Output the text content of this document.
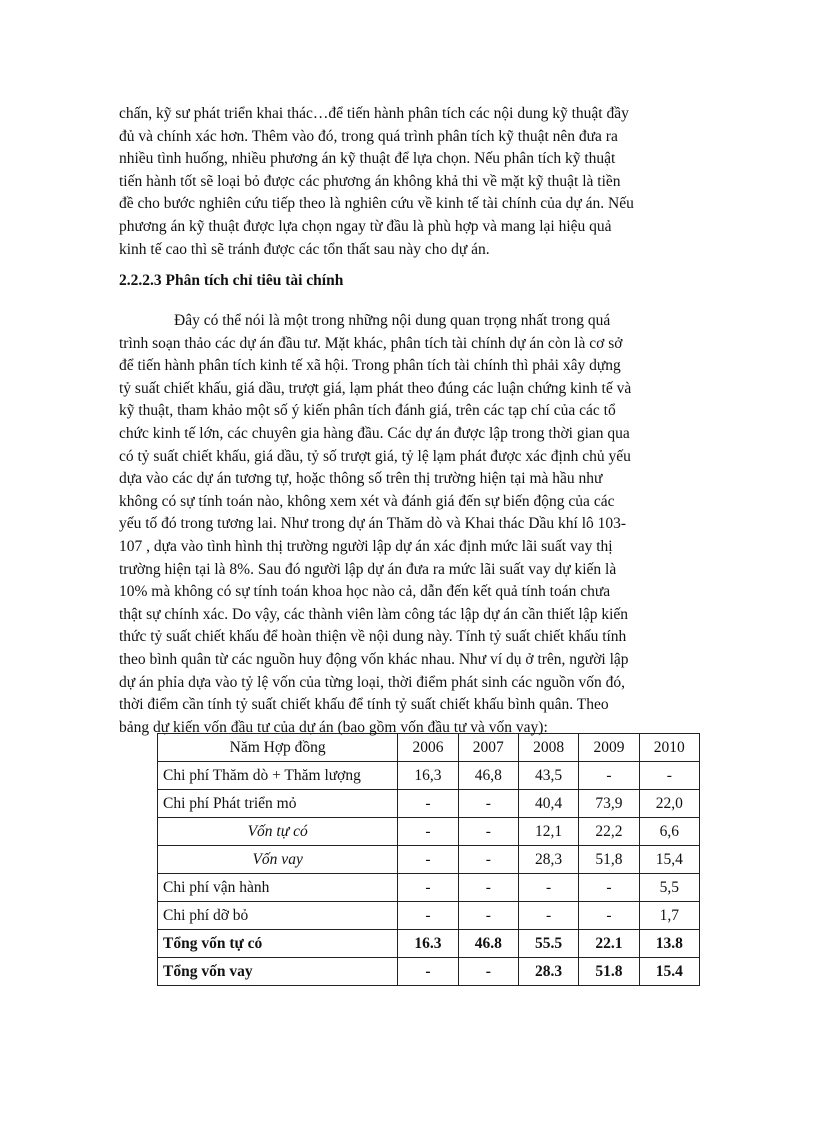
chấn, kỹ sư phát triển khai thác…để tiến hành phân tích các nội dung kỹ thuật đầy
đủ và chính xác hơn. Thêm vào đó, trong quá trình phân tích kỹ thuật nên đưa ra
nhiều tình huống, nhiều phương án kỹ thuật để lựa chọn. Nếu phân tích kỹ thuật
tiến hành tốt sẽ loại bỏ được các phương án không khả thi về mặt kỹ thuật là tiền
đề cho bước nghiên cứu tiếp theo là nghiên cứu về kinh tế tài chính của dự án. Nếu
phương án kỹ thuật được lựa chọn ngay từ đầu là phù hợp và mang lại hiệu quả
kinh tế cao thì sẽ tránh được các tổn thất sau này cho dự án.
2.2.2.3 Phân tích chỉ tiêu tài chính
Đây có thể nói là một trong những nội dung quan trọng nhất trong quá
trình soạn thảo các dự án đầu tư. Mặt khác, phân tích tài chính dự án còn là cơ sở
để tiến hành phân tích kinh tế xã hội. Trong phân tích tài chính thì phải xây dựng
tỷ suất chiết khấu, giá dầu, trượt giá, lạm phát theo đúng các luận chứng kinh tế và
kỹ thuật, tham khảo một số ý kiến phân tích đánh giá, trên các tạp chí của các tổ
chức kinh tế lớn, các chuyên gia hàng đầu. Các dự án được lập trong thời gian qua
có tỷ suất chiết khấu, giá dầu, tỷ số trượt giá, tỷ lệ lạm phát được xác định chủ yếu
dựa vào các dự án tương tự, hoặc thông số trên thị trường hiện tại mà hầu như
không có sự tính toán nào, không xem xét và đánh giá đến sự biến động của các
yếu tố đó trong tương lai. Như trong dự án Thăm dò và Khai thác Dầu khí lô 103-
107 , dựa vào tình hình thị trường người lập dự án xác định mức lãi suất vay thị
trường hiện tại là 8%. Sau đó người lập dự án đưa ra mức lãi suất vay dự kiến là
10% mà không có sự tính toán khoa học nào cả, dẫn đến kết quả tính toán chưa
thật sự chính xác. Do vậy, các thành viên làm công tác lập dự án cần thiết lập kiến
thức tỷ suất chiết khấu để hoàn thiện về nội dung này. Tính tỷ suất chiết khấu tính
theo bình quân từ các nguồn huy động vốn khác nhau. Như ví dụ ở trên, người lập
dự án phỉa dựa vào tỷ lệ vốn của từng loại, thời điểm phát sinh các nguồn vốn đó,
thời điểm cần tính tỷ suất chiết khấu để tính tỷ suất chiết khấu bình quân. Theo
bảng dự kiến vốn đầu tư của dự án (bao gồm vốn đầu tư và vốn vay):
Năm Hợp đồng	2006	2007	2008	2009	2010
Chi phí Thăm dò + Thăm lượng	16,3	46,8	43,5	-	-
Chi phí Phát triển mỏ	-	-	40,4	73,9	22,0
Vốn tự có	-	-	12,1	22,2	6,6
Vốn vay	-	-	28,3	51,8	15,4
Chi phí vận hành	-	-	-	-	5,5
Chi phí dỡ bỏ	-	-	-	-	1,7
Tổng vốn tự có	16.3	46.8	55.5	22.1	13.8
Tổng vốn vay	-	-	28.3	51.8	15.4
